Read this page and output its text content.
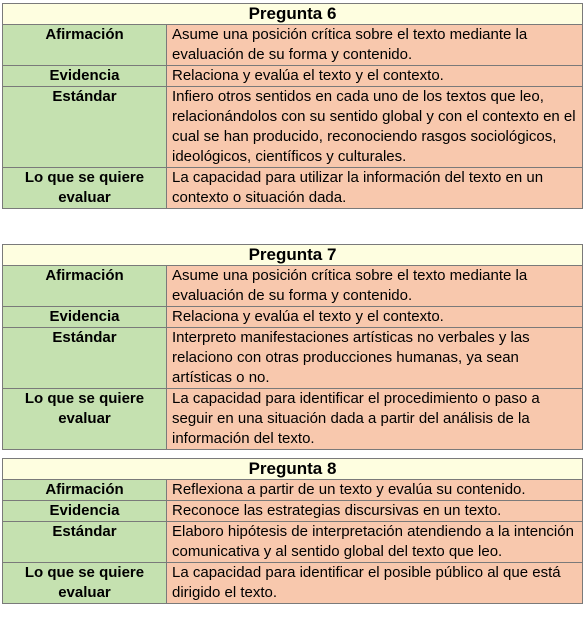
Pregunta 6	
Afirmación	Asume una posición crítica sobre el texto mediante la evaluación de su forma y contenido.
Evidencia	Relaciona y evalúa el texto y el contexto.
Estándar	Infiero otros sentidos en cada uno de los textos que leo, relacionándolos con su sentido global y con el contexto en el cual se han producido, reconociendo rasgos sociológicos, ideológicos, científicos y culturales.
Lo que se quiere evaluar	La capacidad para utilizar la información del texto en un contexto o situación dada.
Pregunta 7	
Afirmación	Asume una posición crítica sobre el texto mediante la evaluación de su forma y contenido.
Evidencia	Relaciona y evalúa el texto y el contexto.
Estándar	Interpreto manifestaciones artísticas no verbales y las relaciono con otras producciones humanas, ya sean artísticas o no.
Lo que se quiere evaluar	La capacidad para identificar el procedimiento o paso a seguir en una situación dada a partir del análisis de la información del texto.
Pregunta 8	
Afirmación	Reflexiona a partir de un texto y evalúa su contenido.
Evidencia	Reconoce las estrategias discursivas en un texto.
Estándar	Elaboro hipótesis de interpretación atendiendo a la intención comunicativa y al sentido global del texto que leo.
Lo que se quiere evaluar	La capacidad para identificar el posible público al que está dirigido el texto.
